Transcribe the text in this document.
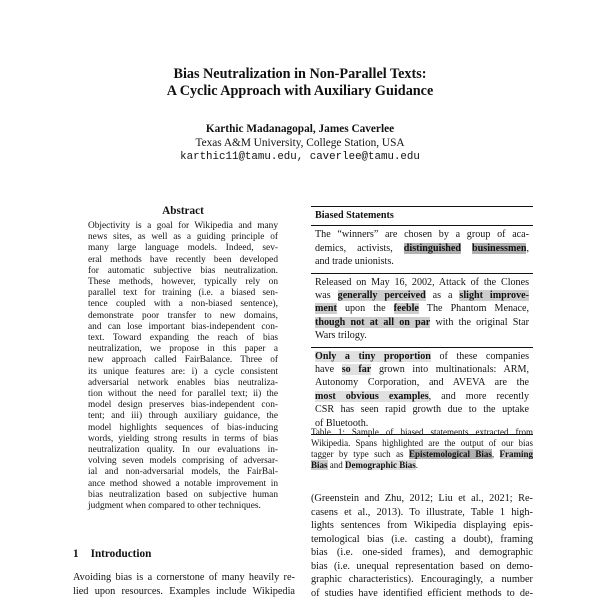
Bias Neutralization in Non-Parallel Texts:
A Cyclic Approach with Auxiliary Guidance
Karthic Madanagopal, James Caverlee
Texas A&M University, College Station, USA
karthic11@tamu.edu, caverlee@tamu.edu
Abstract
Objectivity is a goal for Wikipedia and many
news sites, as well as a guiding principle of
many large language models. Indeed, sev-
eral methods have recently been developed
for automatic subjective bias neutralization.
These methods, however, typically rely on
parallel text for training (i.e. a biased sen-
tence coupled with a non-biased sentence),
demonstrate poor transfer to new domains,
and can lose important bias-independent con-
text. Toward expanding the reach of bias
neutralization, we propose in this paper a
new approach called FairBalance. Three of
its unique features are: i) a cycle consistent
adversarial network enables bias neutraliza-
tion without the need for parallel text; ii) the
model design preserves bias-independent con-
tent; and iii) through auxiliary guidance, the
model highlights sequences of bias-inducing
words, yielding strong results in terms of bias
neutralization quality. In our evaluations in-
volving seven models comprising of adversar-
ial and non-adversarial models, the FairBal-
ance method showed a notable improvement in
bias neutralization based on subjective human
judgment when compared to other techniques.
1 Introduction
Avoiding bias is a cornerstone of many heavily re-
lied upon resources. Examples include Wikipedia
Biased Statements
The “winners” are chosen by a group of aca-
demics, activists, distinguished businessmen,
and trade unionists.
Released on May 16, 2002, Attack of the Clones
was generally perceived as a slight improve-
ment upon the feeble The Phantom Menace,
though not at all on par with the original Star
Wars trilogy.
Only a tiny proportion of these companies
have so far grown into multinationals: ARM,
Autonomy Corporation, and AVEVA are the
most obvious examples, and more recently
CSR has seen rapid growth due to the uptake
of Bluetooth.
Table 1: Sample of biased statements extracted from
Wikipedia. Spans highlighted are the output of our bias
tagger by type such as Epistemological Bias, Framing
Bias and Demographic Bias.
(Greenstein and Zhu, 2012; Liu et al., 2021; Re-
casens et al., 2013). To illustrate, Table 1 high-
lights sentences from Wikipedia displaying epis-
temological bias (i.e. casting a doubt), framing
bias (i.e. one-sided frames), and demographic
bias (i.e. unequal representation based on demo-
graphic characteristics). Encouragingly, a number
of studies have identified efficient methods to de-
